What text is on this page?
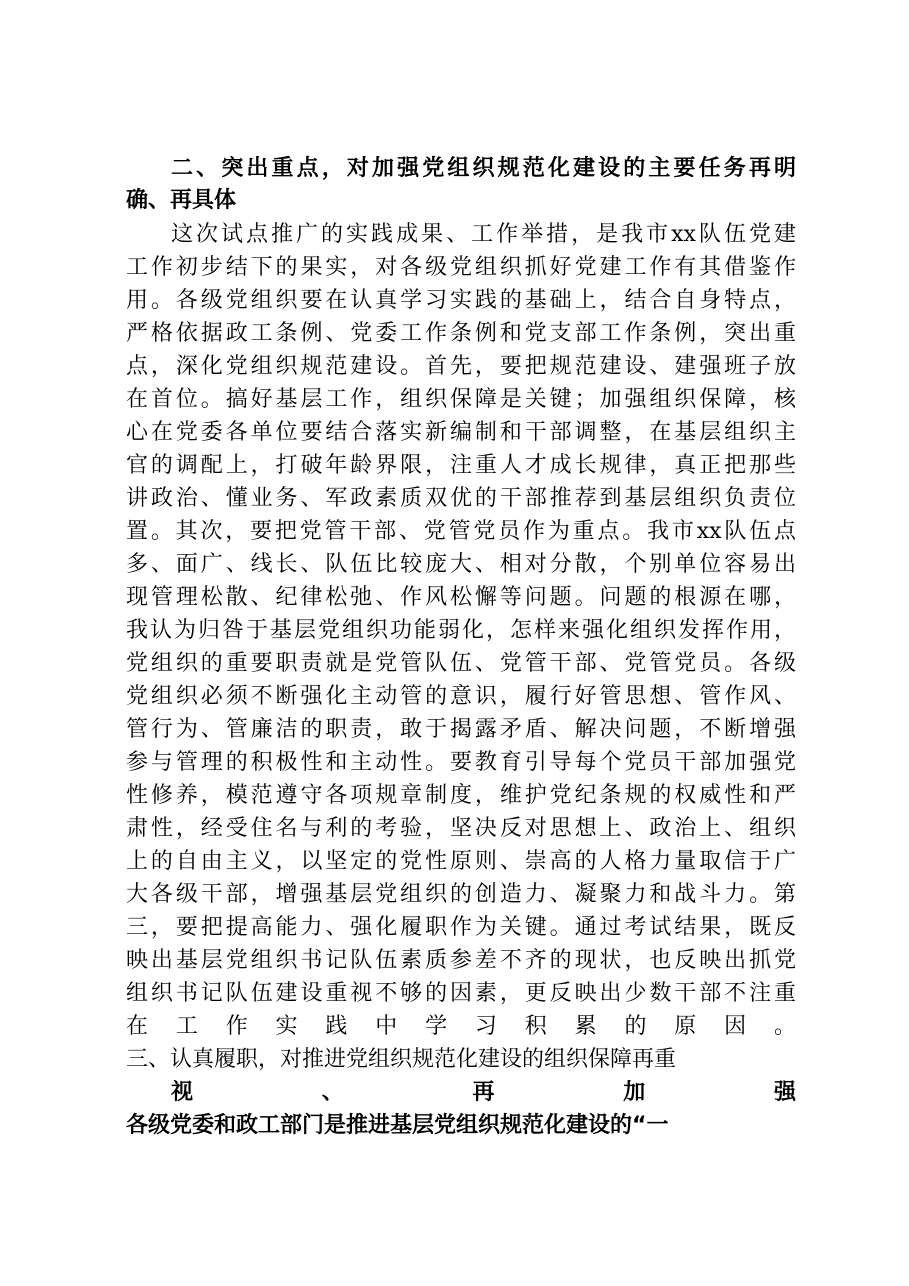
二、突出重点，对加强党组织规范化建设的主要任务再明
确、再具体
这次试点推广的实践成果、工作举措，是我市xx队伍党建
工作初步结下的果实，对各级党组织抓好党建工作有其借鉴作
用。各级党组织要在认真学习实践的基础上，结合自身特点，
严格依据政工条例、党委工作条例和党支部工作条例，突出重
点，深化党组织规范建设。首先，要把规范建设、建强班子放
在首位。搞好基层工作，组织保障是关键；加强组织保障，核
心在党委各单位要结合落实新编制和干部调整，在基层组织主
官的调配上，打破年龄界限，注重人才成长规律，真正把那些
讲政治、懂业务、军政素质双优的干部推荐到基层组织负责位
置。其次，要把党管干部、党管党员作为重点。我市xx队伍点
多、面广、线长、队伍比较庞大、相对分散，个别单位容易出
现管理松散、纪律松弛、作风松懈等问题。问题的根源在哪，
我认为归咎于基层党组织功能弱化，怎样来强化组织发挥作用，
党组织的重要职责就是党管队伍、党管干部、党管党员。各级
党组织必须不断强化主动管的意识，履行好管思想、管作风、
管行为、管廉洁的职责，敢于揭露矛盾、解决问题，不断增强
参与管理的积极性和主动性。要教育引导每个党员干部加强党
性修养，模范遵守各项规章制度，维护党纪条规的权威性和严
肃性，经受住名与利的考验，坚决反对思想上、政治上、组织
上的自由主义，以坚定的党性原则、崇高的人格力量取信于广
大各级干部，增强基层党组织的创造力、凝聚力和战斗力。第
三，要把提高能力、强化履职作为关键。通过考试结果，既反
映出基层党组织书记队伍素质参差不齐的现状，也反映出抓党
组织书记队伍建设重视不够的因素，更反映出少数干部不注重
在工作实践中学习积累的原因。
三、认真履职，对推进党组织规范化建设的组织保障再重
视、再加强
各级党委和政工部门是推进基层党组织规范化建设的“一
